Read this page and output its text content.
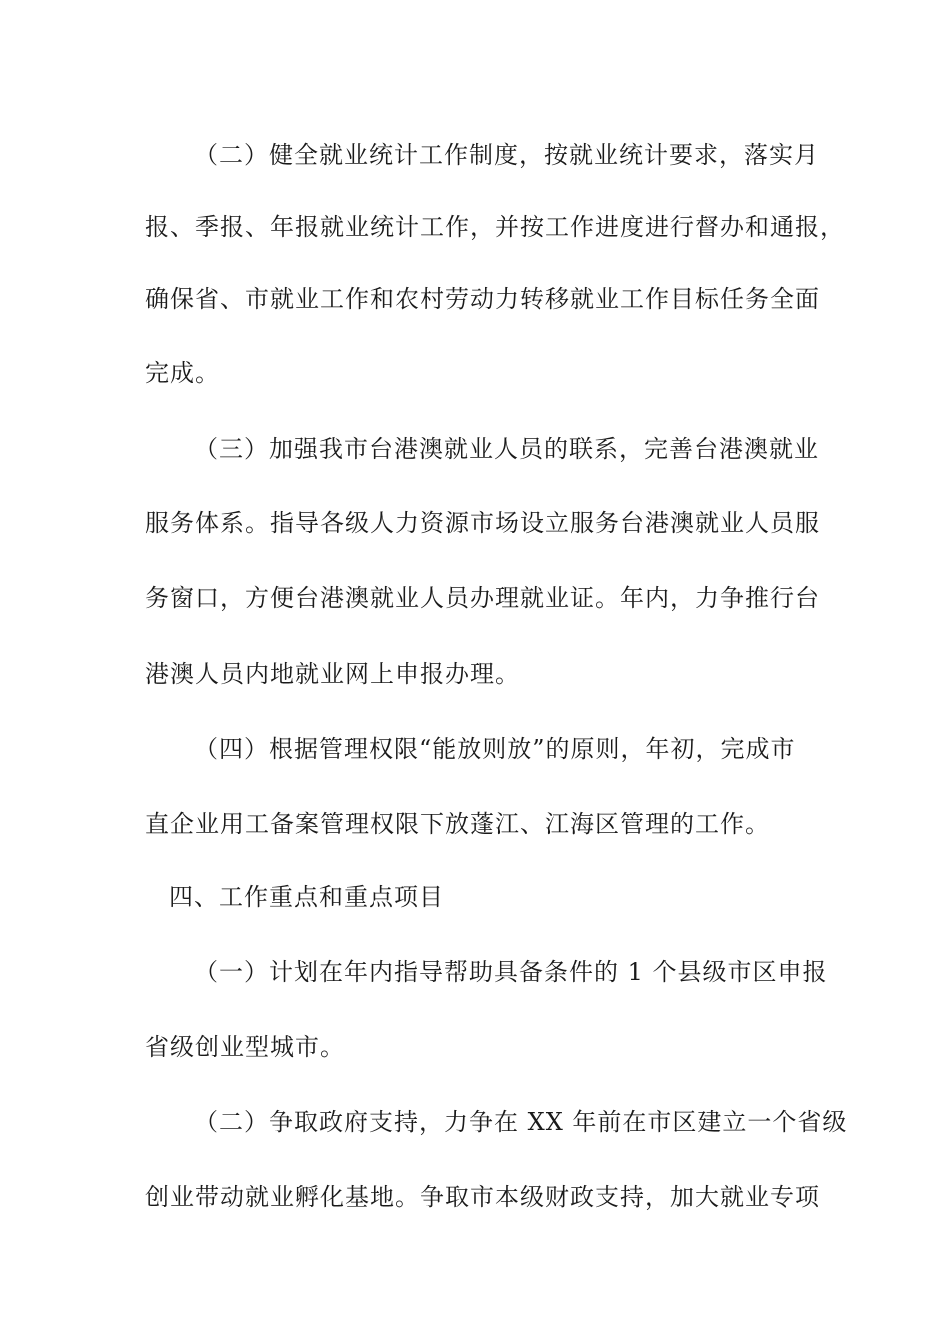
（二）健全就业统计工作制度，按就业统计要求，落实月
报、季报、年报就业统计工作，并按工作进度进行督办和通报，
确保省、市就业工作和农村劳动力转移就业工作目标任务全面
完成。
（三）加强我市台港澳就业人员的联系，完善台港澳就业
服务体系。指导各级人力资源市场设立服务台港澳就业人员服
务窗口，方便台港澳就业人员办理就业证。年内，力争推行台
港澳人员内地就业网上申报办理。
（四）根据管理权限“能放则放”的原则，年初，完成市
直企业用工备案管理权限下放蓬江、江海区管理的工作。
四、工作重点和重点项目
（一）计划在年内指导帮助具备条件的 1 个县级市区申报
省级创业型城市。
（二）争取政府支持，力争在 XX 年前在市区建立一个省级
创业带动就业孵化基地。争取市本级财政支持，加大就业专项
